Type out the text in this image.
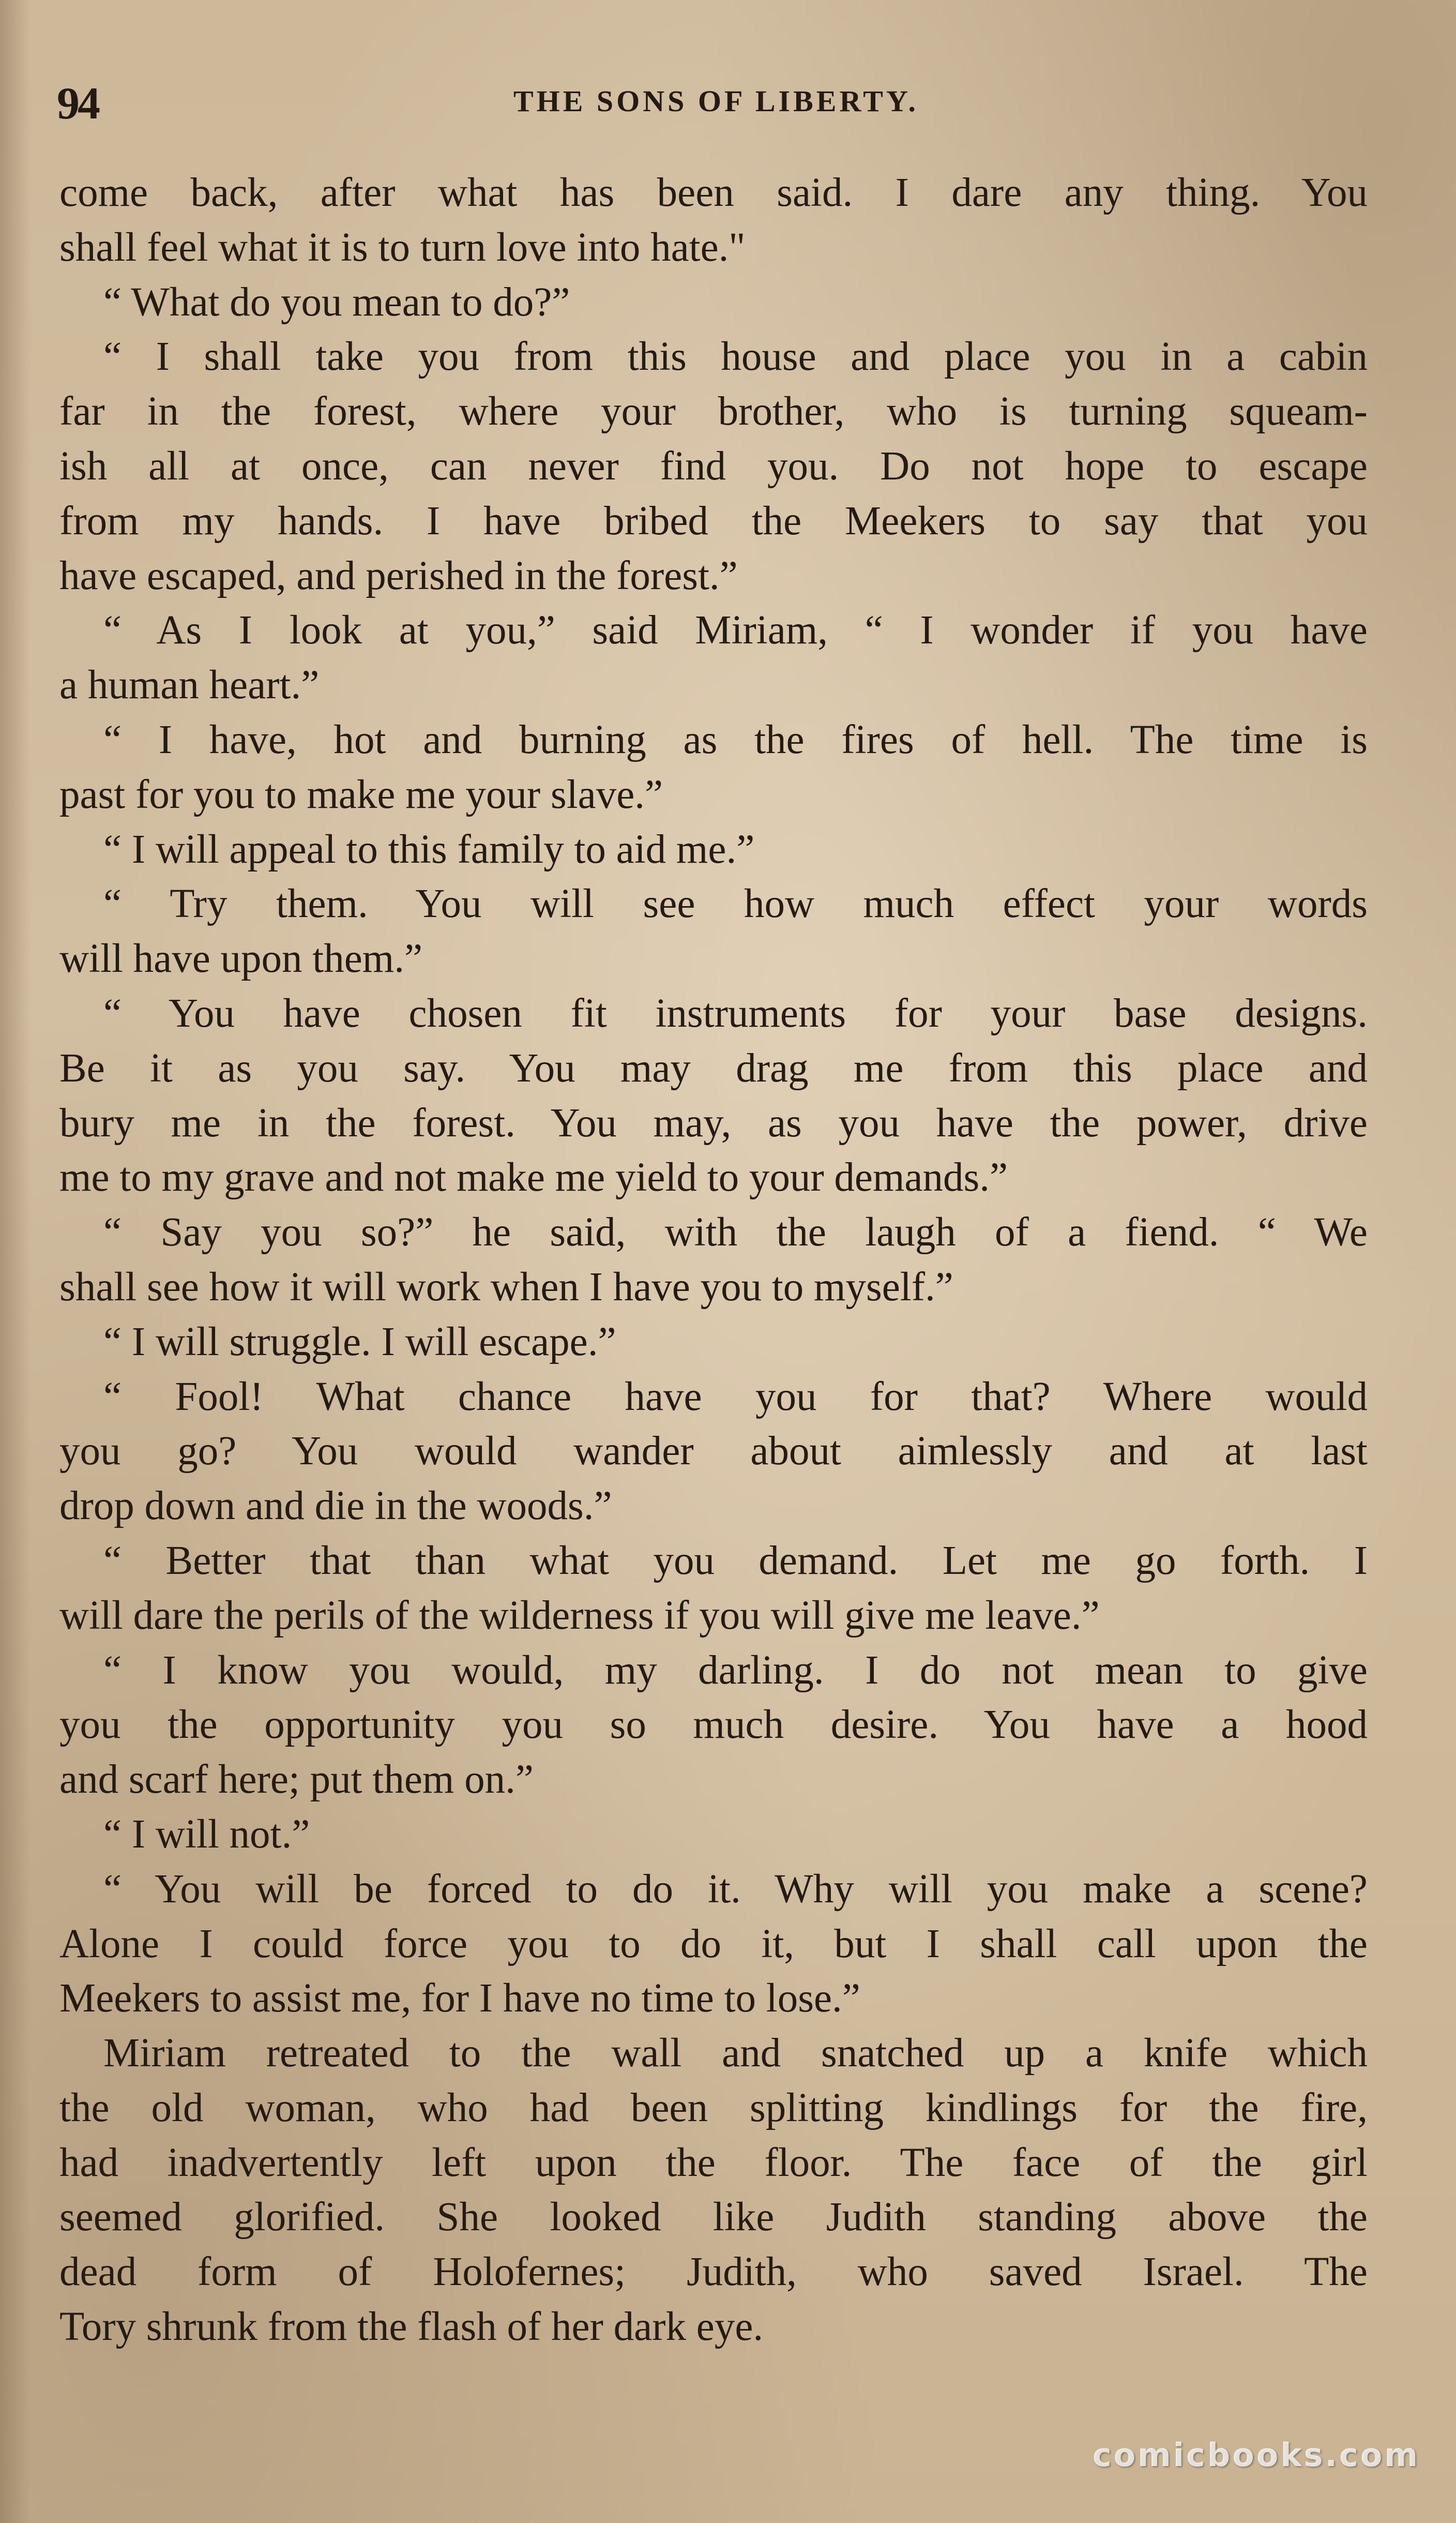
94	THE SONS OF LIBERTY.
come back, after what has been said. I dare any thing. You
shall feel what it is to turn love into hate."
“ What do you mean to do?”
“ I shall take you from this house and place you in a cabin
far in the forest, where your brother, who is turning squeam-
ish all at once, can never find you. Do not hope to escape
from my hands. I have bribed the Meekers to say that you
have escaped, and perished in the forest.”
“ As I look at you,” said Miriam, “ I wonder if you have
a human heart.”
“ I have, hot and burning as the fires of hell. The time is
past for you to make me your slave.”
“ I will appeal to this family to aid me.”
“ Try them. You will see how much effect your words
will have upon them.”
“ You have chosen fit instruments for your base designs.
Be it as you say. You may drag me from this place and
bury me in the forest. You may, as you have the power, drive
me to my grave and not make me yield to your demands.”
“ Say you so?” he said, with the laugh of a fiend. “ We
shall see how it will work when I have you to myself.”
“ I will struggle. I will escape.”
“ Fool! What chance have you for that? Where would
you go? You would wander about aimlessly and at last
drop down and die in the woods.”
“ Better that than what you demand. Let me go forth. I
will dare the perils of the wilderness if you will give me leave.”
“ I know you would, my darling. I do not mean to give
you the opportunity you so much desire. You have a hood
and scarf here; put them on.”
“ I will not.”
“ You will be forced to do it. Why will you make a scene?
Alone I could force you to do it, but I shall call upon the
Meekers to assist me, for I have no time to lose.”
Miriam retreated to the wall and snatched up a knife which
the old woman, who had been splitting kindlings for the fire,
had inadvertently left upon the floor. The face of the girl
seemed glorified. She looked like Judith standing above the
dead form of Holofernes; Judith, who saved Israel. The
Tory shrunk from the flash of her dark eye.
comicbooks.com
